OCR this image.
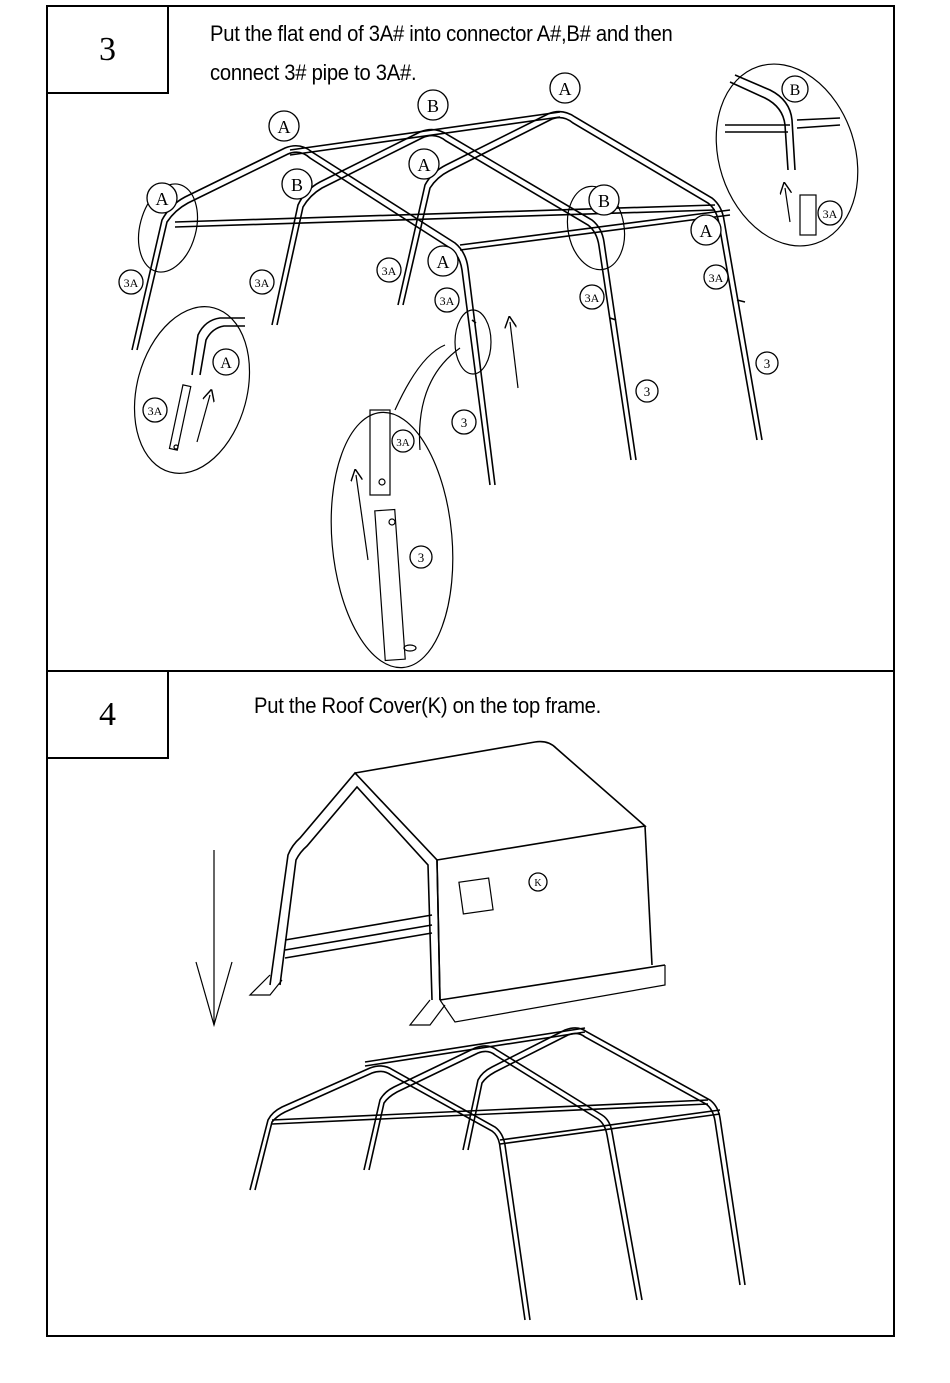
3
4
Put the flat end of 3A# into connector A#,B# and then
connect 3# pipe to 3A#.
Put the Roof Cover(K) on the top frame.
A
B
A
A
B
A
B
A
A
A
B
3A	3A
3A
3A	3A
3A
3A
3A
3A
3
3
3
3
K
